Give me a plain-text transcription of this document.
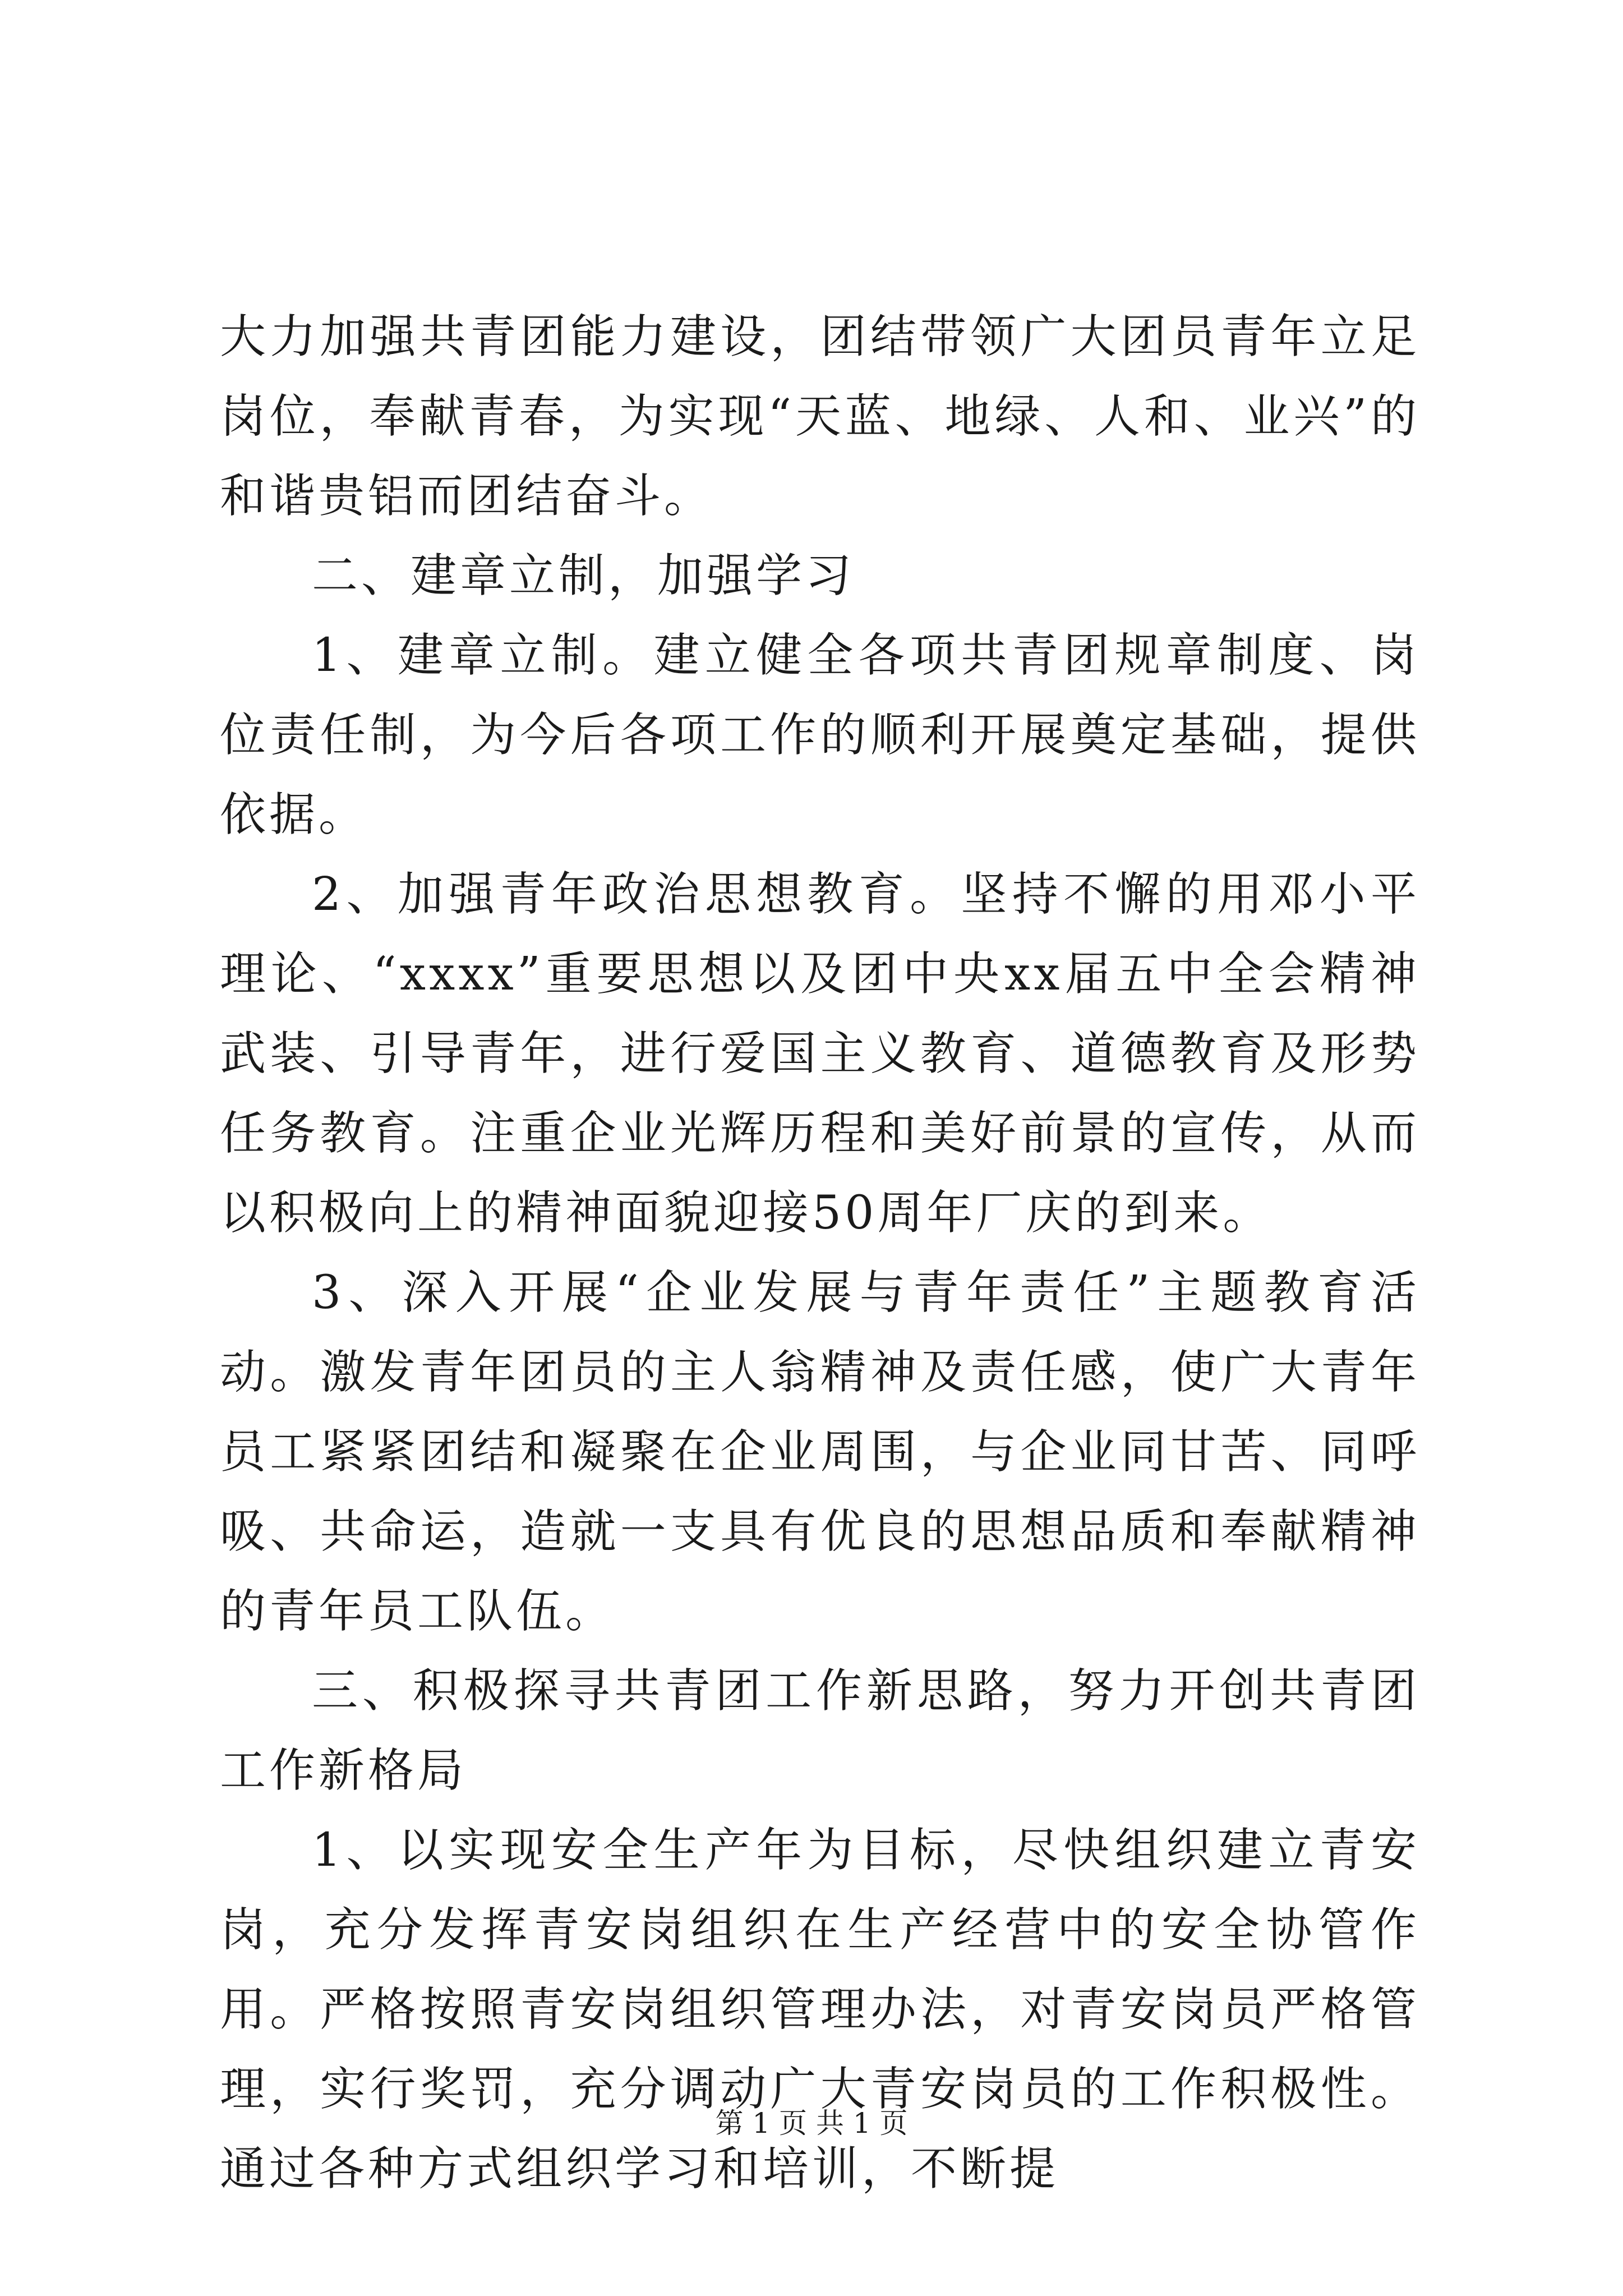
大力加强共青团能力建设，团结带领广大团员青年立足岗位，奉献青春，为实现“天蓝、地绿、人和、业兴”的和谐贵铝而团结奋斗。

二、建章立制，加强学习

1、建章立制。建立健全各项共青团规章制度、岗位责任制，为今后各项工作的顺利开展奠定基础，提供依据。

2、加强青年政治思想教育。坚持不懈的用邓小平理论、“xxxx”重要思想以及团中央xx届五中全会精神武装、引导青年，进行爱国主义教育、道德教育及形势任务教育。注重企业光辉历程和美好前景的宣传，从而以积极向上的精神面貌迎接50周年厂庆的到来。

3、深入开展“企业发展与青年责任”主题教育活动。激发青年团员的主人翁精神及责任感，使广大青年员工紧紧团结和凝聚在企业周围，与企业同甘苦、同呼吸、共命运，造就一支具有优良的思想品质和奉献精神的青年员工队伍。

三、积极探寻共青团工作新思路，努力开创共青团工作新格局

1、以实现安全生产年为目标，尽快组织建立青安岗，充分发挥青安岗组织在生产经营中的安全协管作用。严格按照青安岗组织管理办法，对青安岗员严格管理，实行奖罚，充分调动广大青安岗员的工作积极性。通过各种方式组织学习和培训，不断提

第 1 页 共 1 页
